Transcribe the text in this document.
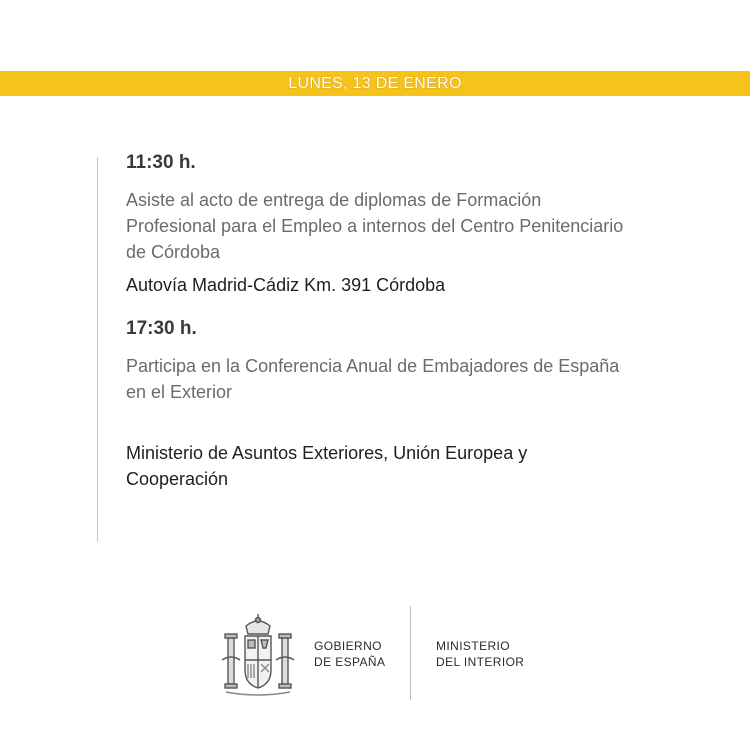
LUNES, 13 DE ENERO

11:30 h.

Asiste al acto de entrega de diplomas de Formación

Profesional para el Empleo a internos del Centro Penitenciario

de Córdoba

Autovía Madrid-Cádiz Km. 391 Córdoba

17:30 h.

Participa en la Conferencia Anual de Embajadores de España

en el Exterior

Ministerio de Asuntos Exteriores, Unión Europea y

Cooperación

GOBIERNO
DE ESPAÑA
MINISTERIO
DEL INTERIOR
